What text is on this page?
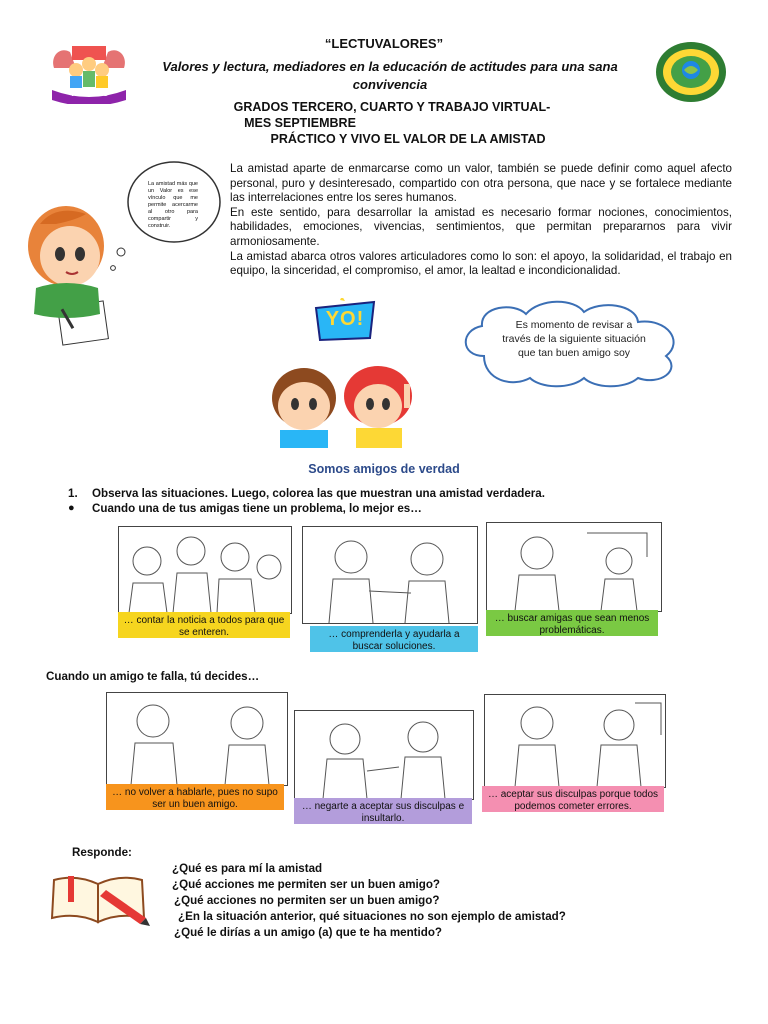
“LECTUVALORES”
Valores y lectura, mediadores en la educación de actitudes para una sana convivencia
GRADOS TERCERO, CUARTO Y TRABAJO VIRTUAL-
MES SEPTIEMBRE
PRÁCTICO Y VIVO EL VALOR DE LA AMISTAD
VALORES
La amistad más que un Valor es ese vínculo que me permite acercarme al otro para compartir y construir.

La amistad aparte de enmarcarse como un valor, también se puede definir como aquel afecto personal, puro y desinteresado, compartido con otra persona, que nace y se fortalece mediante las interrelaciones entre los seres humanos.

En este sentido, para desarrollar la amistad es necesario formar nociones, conocimientos, habilidades, emociones, vivencias, sentimientos, que permitan prepararnos para vivir armoniosamente.

La amistad abarca otros valores articuladores como lo son: el apoyo, la solidaridad, el trabajo en equipo, la sinceridad, el compromiso, el amor, la lealtad e incondicionalidad.

YO!	Es momento de revisar a través de la siguiente situación que tan buen amigo soy
Somos amigos de verdad
1. Observa las situaciones. Luego, colorea las que muestran una amistad verdadera.
● Cuando una de tus amigas tiene un problema, lo mejor es…
… contar la noticia a todos para que se enteren.	… comprenderla y ayudarla a buscar soluciones.
… buscar amigas que sean menos problemáticas.
Cuando un amigo te falla, tú decides…
… no volver a hablarle, pues no supo ser un buen amigo.	… negarte a aceptar sus disculpas e insultarlo.
… aceptar sus disculpas porque todos podemos cometer errores.
Responde:
¿Qué es para mí la amistad
¿Qué acciones me permiten ser un buen amigo?
¿Qué acciones no permiten ser un buen amigo?
¿En la situación anterior, qué situaciones no son ejemplo de amistad?
¿Qué le dirías a un amigo (a) que te ha mentido?
